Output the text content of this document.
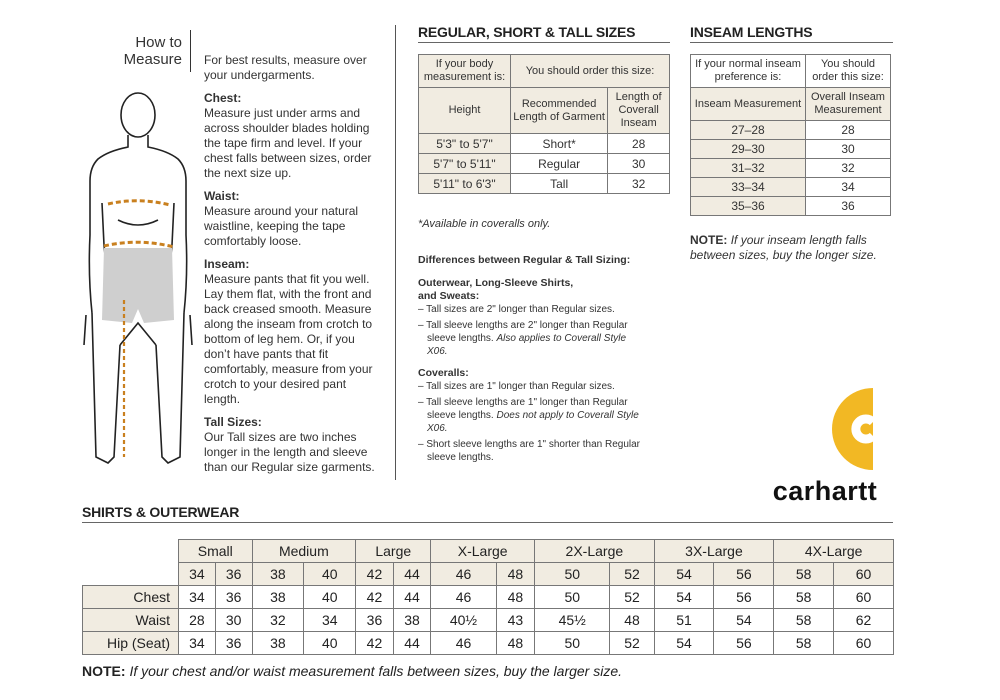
How to
Measure For best results, measure over your undergarments.

Chest:
Measure just under arms and across shoulder blades holding the tape firm and level. If your chest falls between sizes, order the next size up.

Waist:
Measure around your natural waistline, keeping the tape comfortably loose.

Inseam:
Measure pants that fit you well. Lay them flat, with the front and back creased smooth. Measure along the inseam from crotch to bottom of leg hem. Or, if you don’t have pants that fit comfortably, measure from your crotch to your desired pant length.

Tall Sizes:
Our Tall sizes are two inches longer in the length and sleeve than our Regular size garments.

REGULAR, SHORT & TALL SIZES
If your body measurement is:	You should order this size:	
Height	Recommended Length of Garment	Length of Coverall Inseam
5'3" to 5'7"	Short*	28
5'7" to 5'11"	Regular	30
5'11" to 6'3"	Tall	32
*Available in coveralls only.
INSEAM LENGTHS
If your normal inseam preference is:	You should order this size:
Inseam Measurement	Overall Inseam Measurement
27–28	28
29–30	30
31–32	32
33–34	34
35–36	36
NOTE: If your inseam length falls between sizes, buy the longer size.
Differences between Regular & Tall Sizing:
Outerwear, Long-Sleeve Shirts,
and Sweats:
– Tall sizes are 2" longer than Regular sizes.
– Tall sleeve lengths are 2" longer than Regular sleeve lengths. Also applies to Coverall Style X06.
Coveralls:
– Tall sizes are 1" longer than Regular sizes.
– Tall sleeve lengths are 1" longer than Regular sleeve lengths. Does not apply to Coverall Style X06.
– Short sleeve lengths are 1" shorter than Regular sleeve lengths.
carhartt
SHIRTS & OUTERWEAR
	Small		Medium		Large		X-Large		2X-Large		3X-Large		4X-Large	
	34	36	38	40	42	44	46	48	50	52	54	56	58	60
Chest	34	36	38	40	42	44	46	48	50	52	54	56	58	60
Waist	28	30	32	34	36	38	40½	43	45½	48	51	54	58	62
Hip (Seat)	34	36	38	40	42	44	46	48	50	52	54	56	58	60
NOTE: If your chest and/or waist measurement falls between sizes, buy the larger size.
